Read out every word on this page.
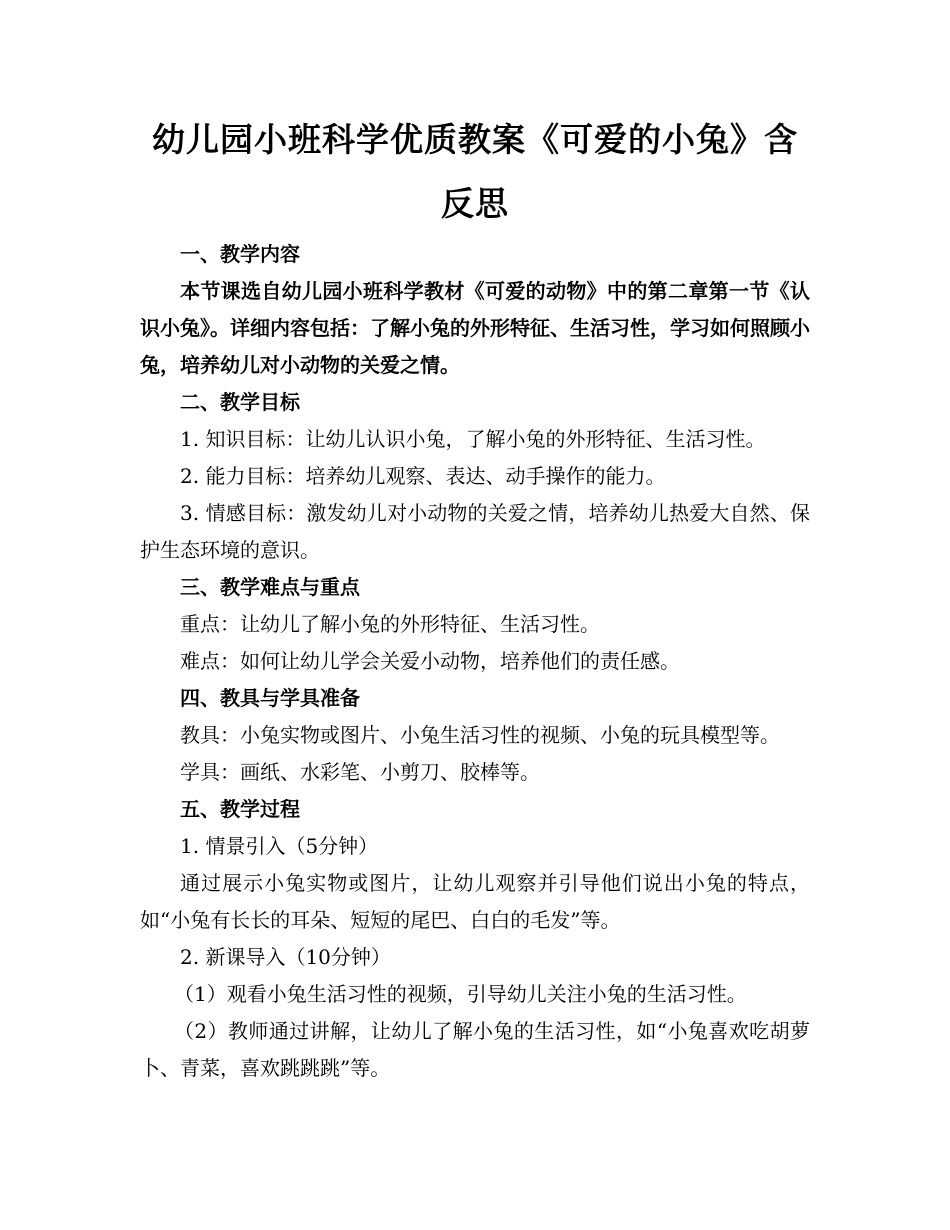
幼儿园小班科学优质教案《可爱的小兔》含反思

一、教学内容

本节课选自幼儿园小班科学教材《可爱的动物》中的第二章第一节《认识小兔》。详细内容包括：了解小兔的外形特征、生活习性，学习如何照顾小兔，培养幼儿对小动物的关爱之情。

二、教学目标

1. 知识目标：让幼儿认识小兔，了解小兔的外形特征、生活习性。

2. 能力目标：培养幼儿观察、表达、动手操作的能力。

3. 情感目标：激发幼儿对小动物的关爱之情，培养幼儿热爱大自然、保护生态环境的意识。

三、教学难点与重点

重点：让幼儿了解小兔的外形特征、生活习性。

难点：如何让幼儿学会关爱小动物，培养他们的责任感。

四、教具与学具准备

教具：小兔实物或图片、小兔生活习性的视频、小兔的玩具模型等。

学具：画纸、水彩笔、小剪刀、胶棒等。

五、教学过程

1. 情景引入（5分钟）

通过展示小兔实物或图片，让幼儿观察并引导他们说出小兔的特点，如“小兔有长长的耳朵、短短的尾巴、白白的毛发”等。

2. 新课导入（10分钟）

（1）观看小兔生活习性的视频，引导幼儿关注小兔的生活习性。

（2）教师通过讲解，让幼儿了解小兔的生活习性，如“小兔喜欢吃胡萝卜、青菜，喜欢跳跳跳”等。
